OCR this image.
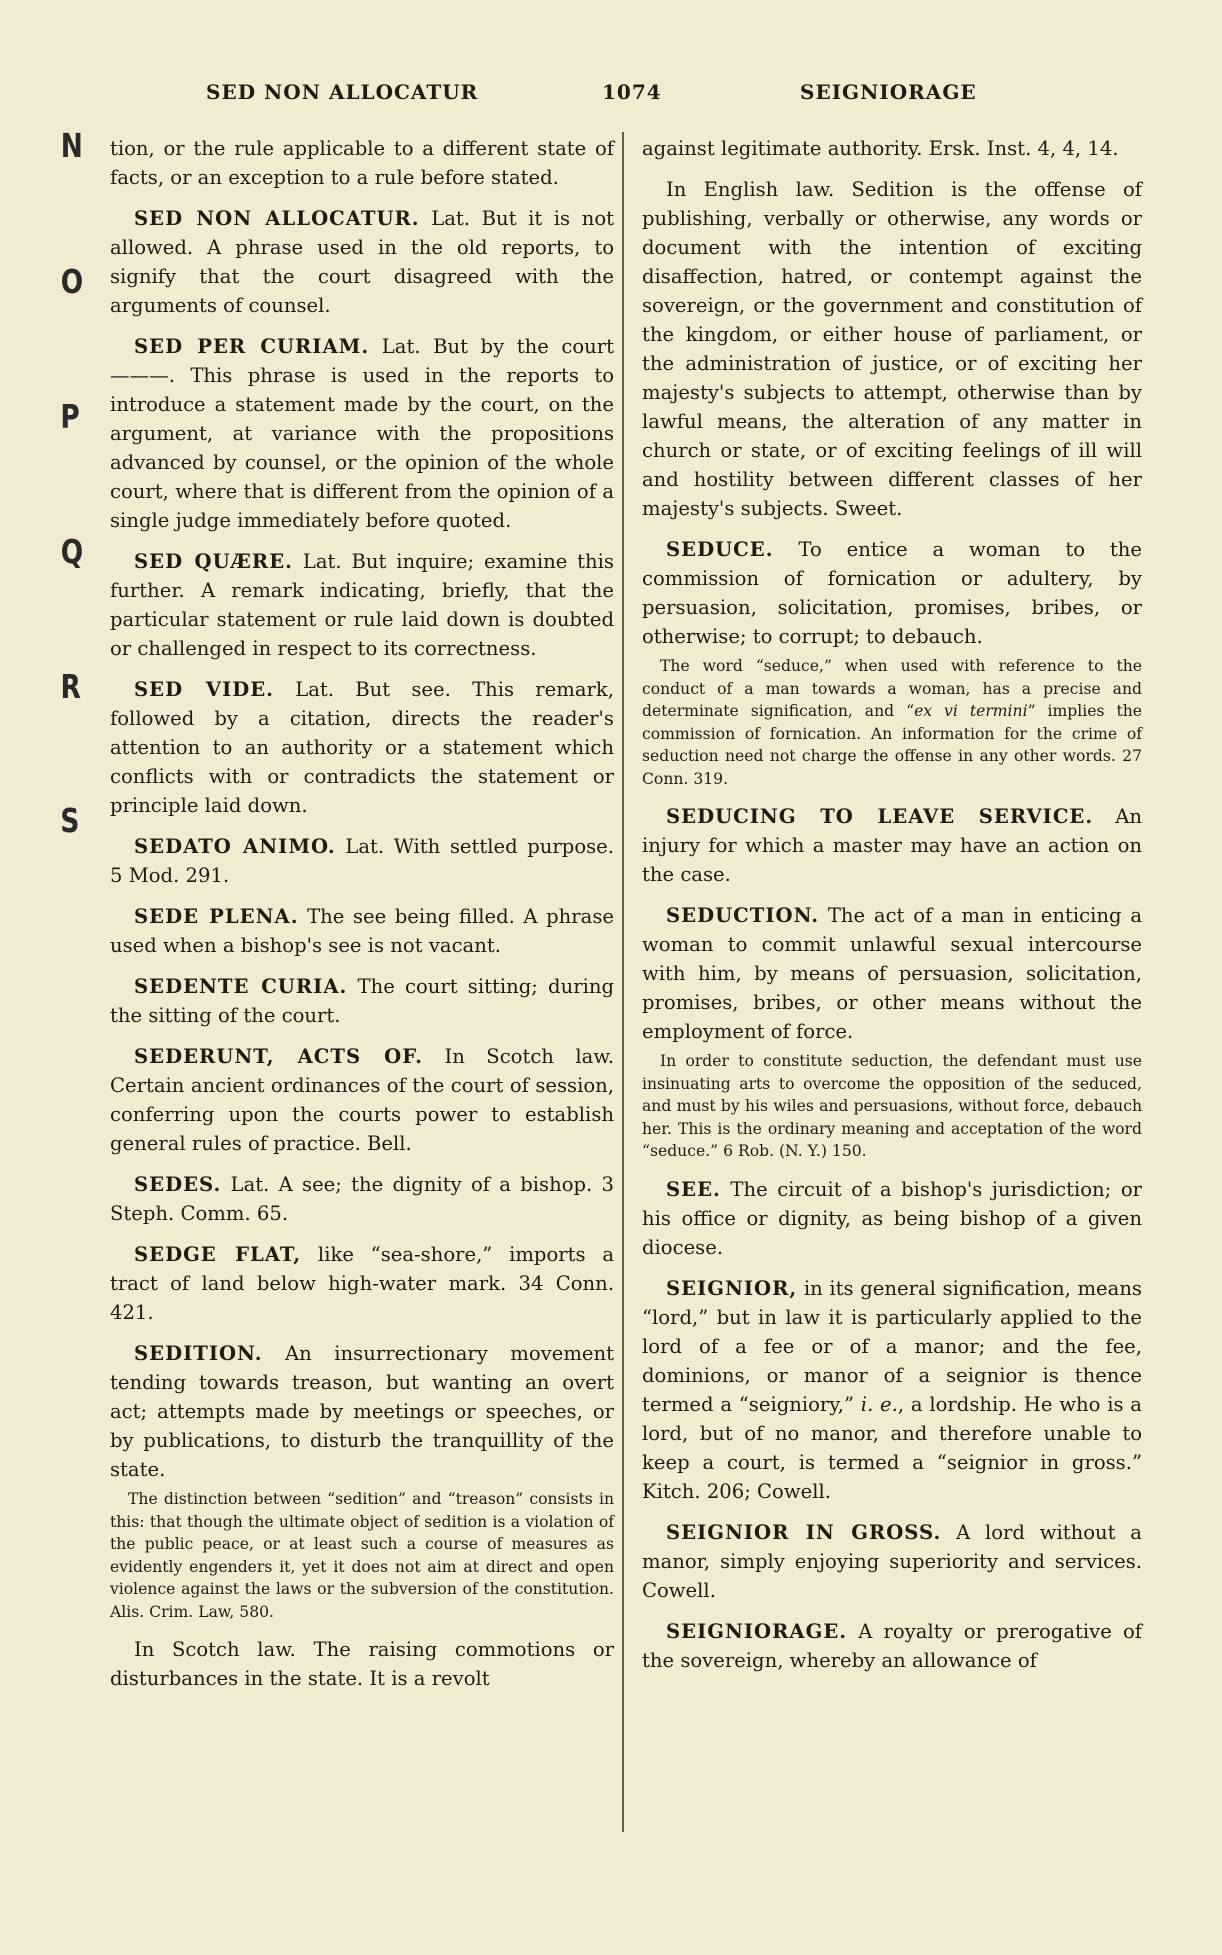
SED NON ALLOCATUR	1074	SEIGNIORAGE
N
O
P
Q
R
S

tion, or the rule applicable to a different state of facts, or an exception to a rule before stated.

SED NON ALLOCATUR. Lat. But it is not allowed. A phrase used in the old reports, to signify that the court disagreed with the arguments of counsel.

SED PER CURIAM. Lat. But by the court ———. This phrase is used in the reports to introduce a statement made by the court, on the argument, at variance with the propositions advanced by counsel, or the opinion of the whole court, where that is different from the opinion of a single judge immediately before quoted.

SED QUÆRE. Lat. But inquire; examine this further. A remark indicating, briefly, that the particular statement or rule laid down is doubted or challenged in respect to its correctness.

SED VIDE. Lat. But see. This remark, followed by a citation, directs the reader's attention to an authority or a statement which conflicts with or contradicts the statement or principle laid down.

SEDATO ANIMO. Lat. With settled purpose. 5 Mod. 291.

SEDE PLENA. The see being filled. A phrase used when a bishop's see is not vacant.

SEDENTE CURIA. The court sitting; during the sitting of the court.

SEDERUNT, ACTS OF. In Scotch law. Certain ancient ordinances of the court of session, conferring upon the courts power to establish general rules of practice. Bell.

SEDES. Lat. A see; the dignity of a bishop. 3 Steph. Comm. 65.

SEDGE FLAT, like “sea-shore,” imports a tract of land below high-water mark. 34 Conn. 421.

SEDITION. An insurrectionary movement tending towards treason, but wanting an overt act; attempts made by meetings or speeches, or by publications, to disturb the tranquillity of the state.

The distinction between “sedition” and “treason” consists in this: that though the ultimate object of sedition is a violation of the public peace, or at least such a course of measures as evidently engenders it, yet it does not aim at direct and open violence against the laws or the subversion of the constitution. Alis. Crim. Law, 580.

In Scotch law. The raising commotions or disturbances in the state. It is a revolt

against legitimate authority. Ersk. Inst. 4, 4, 14.

In English law. Sedition is the offense of publishing, verbally or otherwise, any words or document with the intention of exciting disaffection, hatred, or contempt against the sovereign, or the government and constitution of the kingdom, or either house of parliament, or the administration of justice, or of exciting her majesty's subjects to attempt, otherwise than by lawful means, the alteration of any matter in church or state, or of exciting feelings of ill will and hostility between different classes of her majesty's subjects. Sweet.

SEDUCE. To entice a woman to the commission of fornication or adultery, by persuasion, solicitation, promises, bribes, or otherwise; to corrupt; to debauch.

The word “seduce,” when used with reference to the conduct of a man towards a woman, has a precise and determinate signification, and “ex vi termini” implies the commission of fornication. An information for the crime of seduction need not charge the offense in any other words. 27 Conn. 319.

SEDUCING TO LEAVE SERVICE. An injury for which a master may have an action on the case.

SEDUCTION. The act of a man in enticing a woman to commit unlawful sexual intercourse with him, by means of persuasion, solicitation, promises, bribes, or other means without the employment of force.

In order to constitute seduction, the defendant must use insinuating arts to overcome the opposition of the seduced, and must by his wiles and persuasions, without force, debauch her. This is the ordinary meaning and acceptation of the word “seduce.” 6 Rob. (N. Y.) 150.

SEE. The circuit of a bishop's jurisdiction; or his office or dignity, as being bishop of a given diocese.

SEIGNIOR, in its general signification, means “lord,” but in law it is particularly applied to the lord of a fee or of a manor; and the fee, dominions, or manor of a seignior is thence termed a “seigniory,” i. e., a lordship. He who is a lord, but of no manor, and therefore unable to keep a court, is termed a “seignior in gross.” Kitch. 206; Cowell.

SEIGNIOR IN GROSS. A lord without a manor, simply enjoying superiority and services. Cowell.

SEIGNIORAGE. A royalty or prerogative of the sovereign, whereby an allowance of
